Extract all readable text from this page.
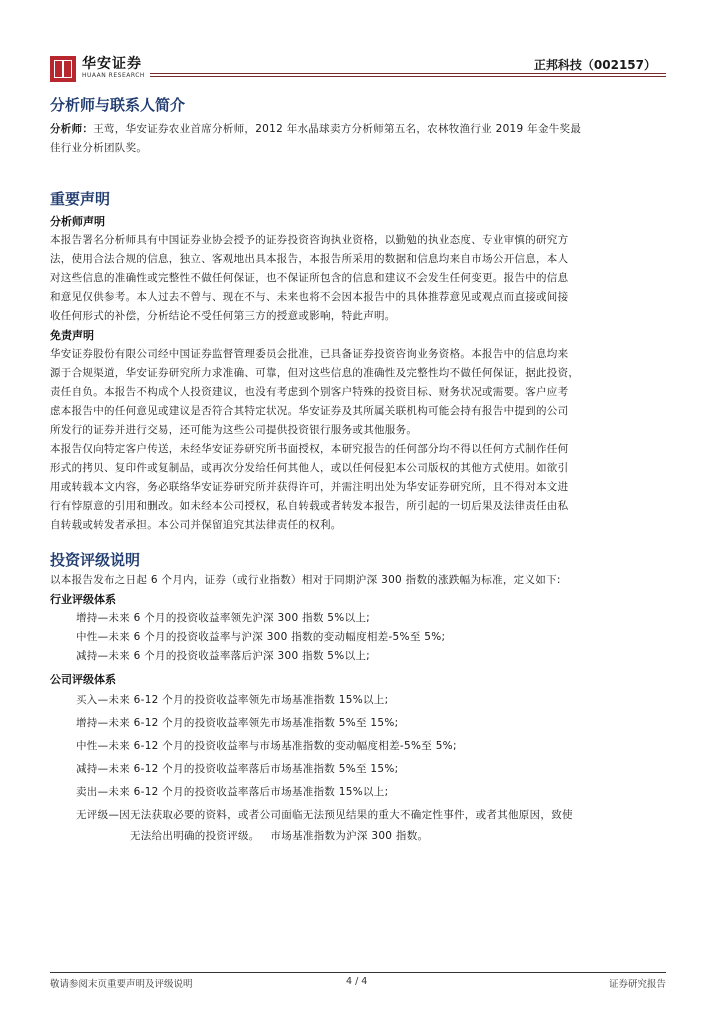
华安证券
HUAAN RESEARCH
正邦科技（002157）
分析师与联系人简介

分析师：王莺，华安证券农业首席分析师，2012 年水晶球卖方分析师第五名，农林牧渔行业 2019 年金牛奖最
佳行业分析团队奖。

重要声明
分析师声明

本报告署名分析师具有中国证券业协会授予的证券投资咨询执业资格，以勤勉的执业态度、专业审慎的研究方
法，使用合法合规的信息，独立、客观地出具本报告，本报告所采用的数据和信息均来自市场公开信息，本人
对这些信息的准确性或完整性不做任何保证，也不保证所包含的信息和建议不会发生任何变更。报告中的信息
和意见仅供参考。本人过去不曾与、现在不与、未来也将不会因本报告中的具体推荐意见或观点而直接或间接
收任何形式的补偿，分析结论不受任何第三方的授意或影响，特此声明。

免责声明

华安证券股份有限公司经中国证券监督管理委员会批准，已具备证券投资咨询业务资格。本报告中的信息均来
源于合规渠道，华安证券研究所力求准确、可靠，但对这些信息的准确性及完整性均不做任何保证，据此投资，
责任自负。本报告不构成个人投资建议，也没有考虑到个别客户特殊的投资目标、财务状况或需要。客户应考
虑本报告中的任何意见或建议是否符合其特定状况。华安证券及其所属关联机构可能会持有报告中提到的公司
所发行的证券并进行交易，还可能为这些公司提供投资银行服务或其他服务。
本报告仅向特定客户传送，未经华安证券研究所书面授权，本研究报告的任何部分均不得以任何方式制作任何
形式的拷贝、复印件或复制品，或再次分发给任何其他人，或以任何侵犯本公司版权的其他方式使用。如欲引
用或转载本文内容，务必联络华安证券研究所并获得许可，并需注明出处为华安证券研究所，且不得对本文进
行有悖原意的引用和删改。如未经本公司授权，私自转载或者转发本报告，所引起的一切后果及法律责任由私
自转载或转发者承担。本公司并保留追究其法律责任的权利。

投资评级说明

以本报告发布之日起 6 个月内，证券（或行业指数）相对于同期沪深 300 指数的涨跌幅为标准，定义如下:

行业评级体系

增持—未来 6 个月的投资收益率领先沪深 300 指数 5%以上;

中性—未来 6 个月的投资收益率与沪深 300 指数的变动幅度相差-5%至 5%;

减持—未来 6 个月的投资收益率落后沪深 300 指数 5%以上;

公司评级体系

买入—未来 6-12 个月的投资收益率领先市场基准指数 15%以上;

增持—未来 6-12 个月的投资收益率领先市场基准指数 5%至 15%;

中性—未来 6-12 个月的投资收益率与市场基准指数的变动幅度相差-5%至 5%;

减持—未来 6-12 个月的投资收益率落后市场基准指数 5%至 15%;

卖出—未来 6-12 个月的投资收益率落后市场基准指数 15%以上;

无评级—因无法获取必要的资料，或者公司面临无法预见结果的重大不确定性事件，或者其他原因，致使

无法给出明确的投资评级。   市场基准指数为沪深 300 指数。

敬请参阅末页重要声明及评级说明	4 / 4	证券研究报告
